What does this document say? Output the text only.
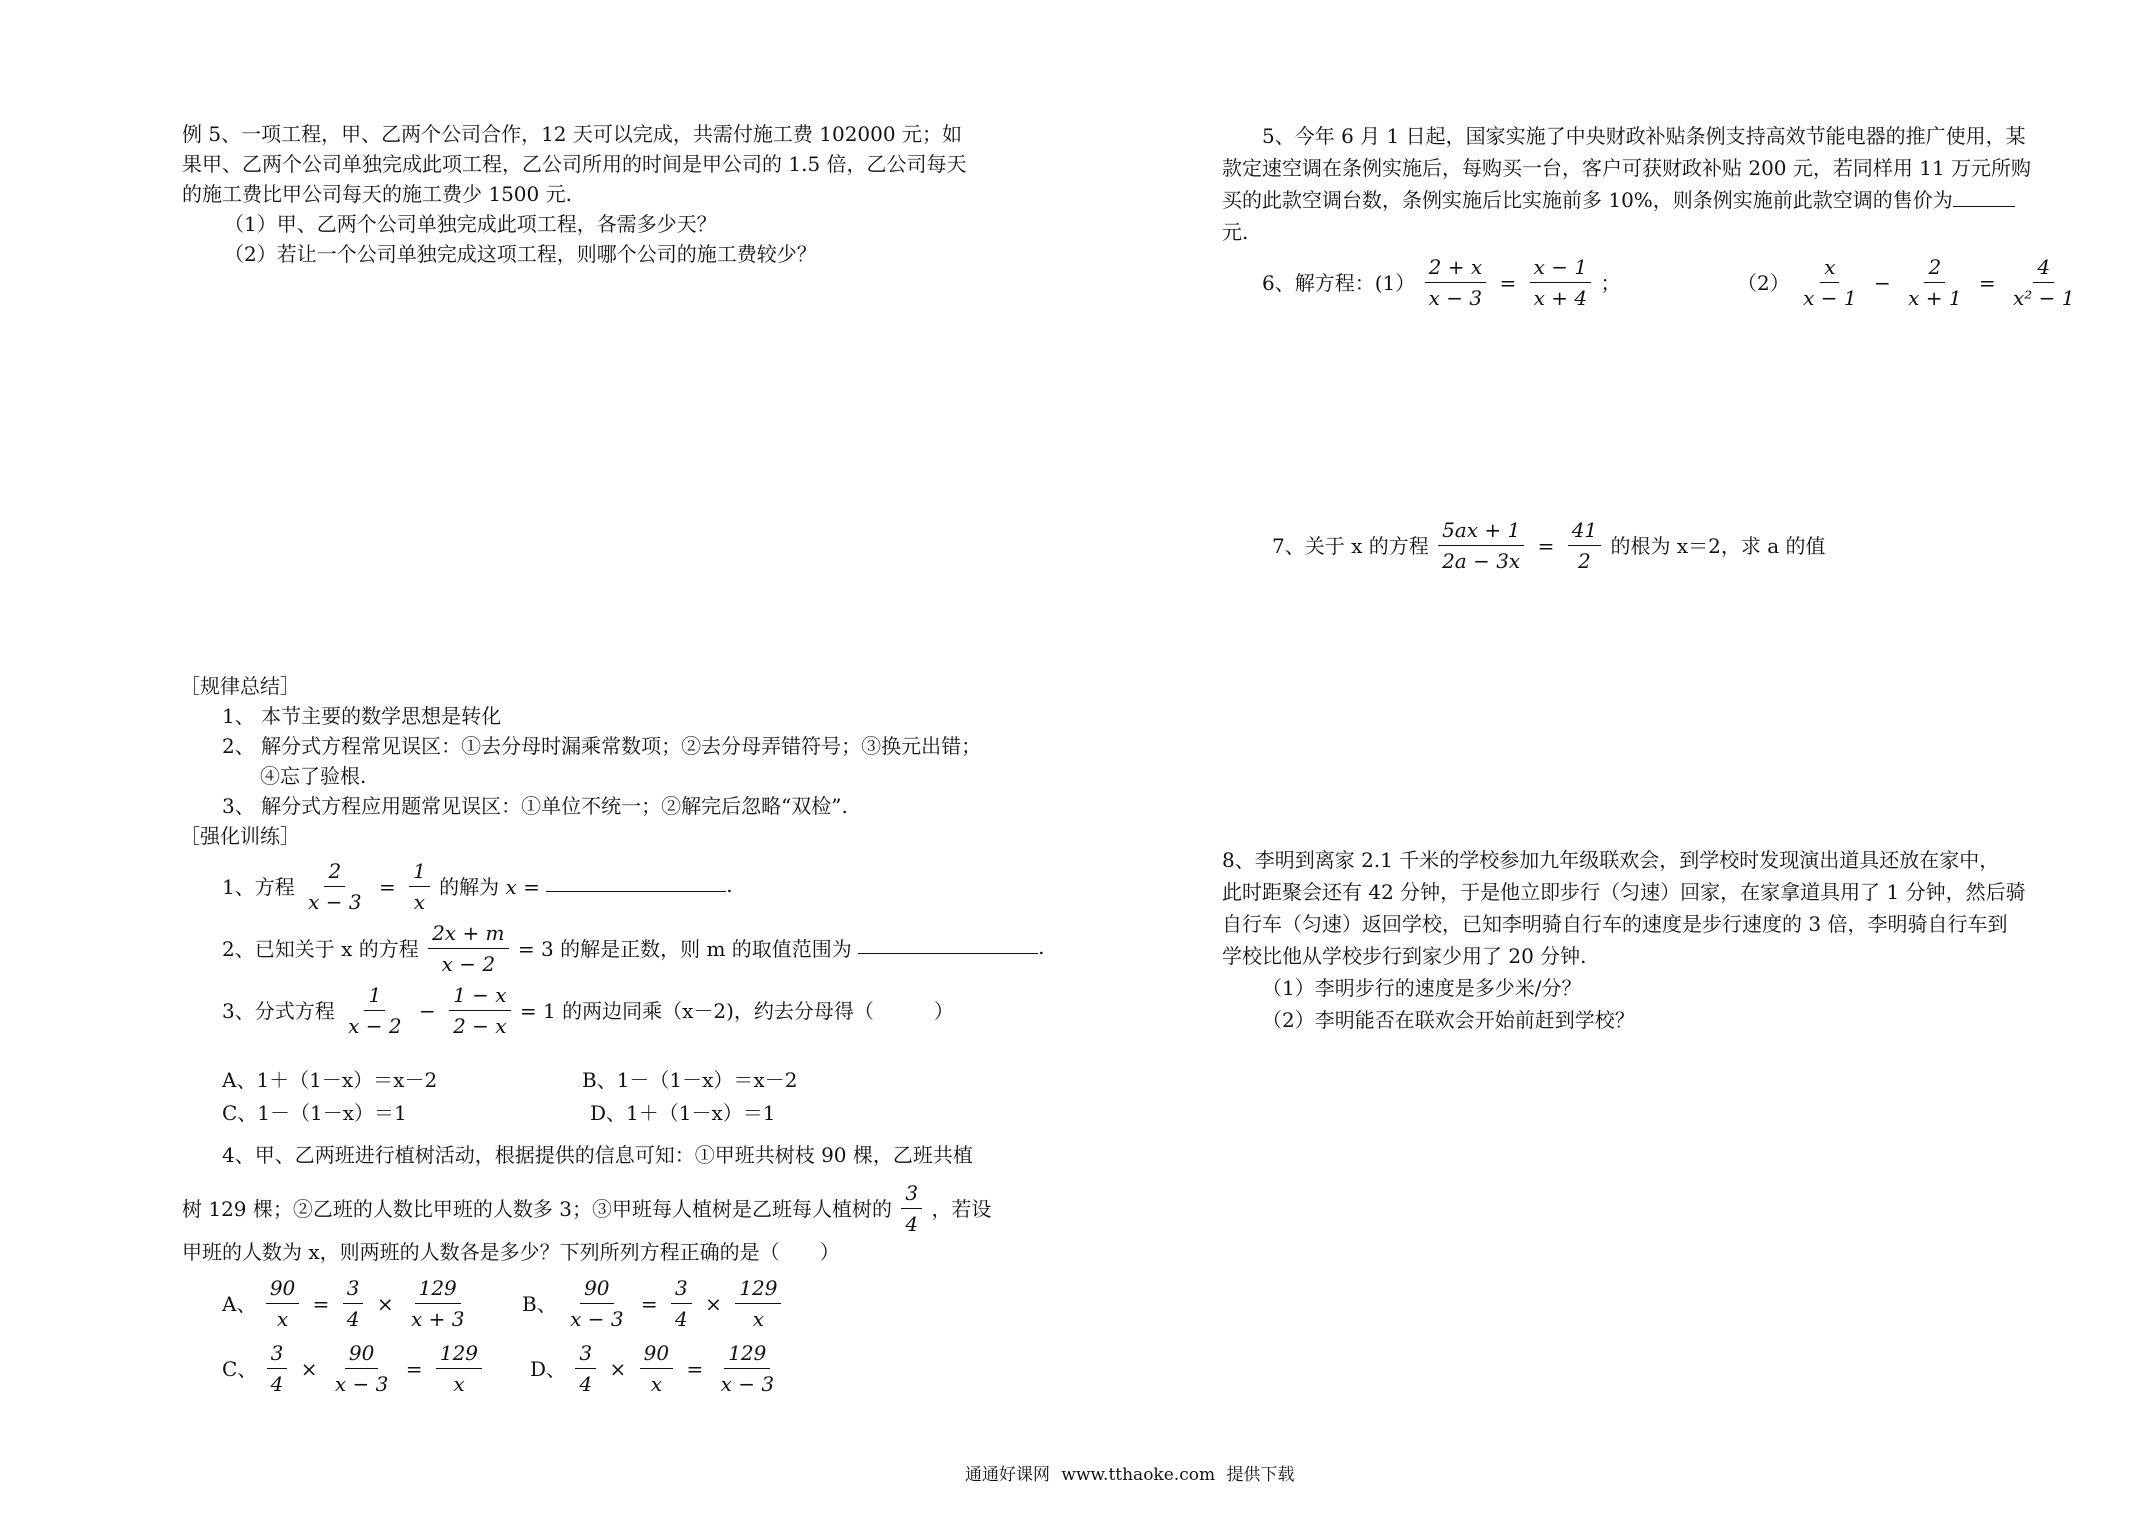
例 5、一项工程，甲、乙两个公司合作，12 天可以完成，共需付施工费 102000 元；如
果甲、乙两个公司单独完成此项工程，乙公司所用的时间是甲公司的 1.5 倍，乙公司每天
的施工费比甲公司每天的施工费少 1500 元.
（1）甲、乙两个公司单独完成此项工程，各需多少天？
（2）若让一个公司单独完成这项工程，则哪个公司的施工费较少？
［规律总结］
1、 本节主要的数学思想是转化
2、 解分式方程常见误区：①去分母时漏乘常数项；②去分母弄错符号；③换元出错；
④忘了验根.
3、 解分式方程应用题常见误区：①单位不统一；②解完后忽略“双检”.
［强化训练］
1、方程 $\frac{2}{x - 3} = \frac{1}{x}$ 的解为 x =	.
2、已知关于 x 的方程 $\frac{2x + m}{x - 2} = 3$ 的解是正数，则 m 的取值范围为	.
3、分式方程 $\frac{1}{x - 2} - \frac{1 - x}{2 - x} = 1$ 的两边同乘（x－2)，约去分母得（　　　）
A、1＋（1－x）＝x－2	B、1－（1－x）＝x－2
C、1－（1－x）＝1	D、1＋（1－x）＝1
4、甲、乙两班进行植树活动，根据提供的信息可知：①甲班共树枝 90 棵，乙班共植
树 129 棵；②乙班的人数比甲班的人数多 3；③甲班每人植树是乙班每人植树的 $\frac{3}{4}$ ，若设
甲班的人数为 x，则两班的人数各是多少？下列所列方程正确的是（　　）
A、 $\frac{90}{x} = \frac{3}{4} \times \frac{129}{x + 3}$	B、 $\frac{90}{x - 3} = \frac{3}{4} \times \frac{129}{x}$
C、 $\frac{3}{4} \times \frac{90}{x - 3} = \frac{129}{x}$ D、 $\frac{3}{4} \times \frac{90}{x} = \frac{129}{x - 3}$
5、今年 6 月 1 日起，国家实施了中央财政补贴条例支持高效节能电器的推广使用，某
款定速空调在条例实施后，每购买一台，客户可获财政补贴 200 元，若同样用 11 万元所购
买的此款空调台数，条例实施后比实施前多 10%，则条例实施前此款空调的售价为
元.
6、解方程：$(1) \frac{2 + x}{x - 3} = \frac{x - 1}{x + 4}$ ；	$(2) \frac{x}{x - 1} - \frac{2}{x + 1} = \frac{4}{\text{x² − 1}}$
7、关于 x 的方程 $\frac{5ax + 1}{2a - 3x} = \frac{41}{2}$ 的根为 x＝2，求 a 的值
8、李明到离家 2.1 千米的学校参加九年级联欢会，到学校时发现演出道具还放在家中，
此时距聚会还有 42 分钟，于是他立即步行（匀速）回家，在家拿道具用了 1 分钟，然后骑
自行车（匀速）返回学校，已知李明骑自行车的速度是步行速度的 3 倍，李明骑自行车到
学校比他从学校步行到家少用了 20 分钟.
（1）李明步行的速度是多少米/分？
（2）李明能否在联欢会开始前赶到学校？
通通好课网 www.tthaoke.com 提供下载
